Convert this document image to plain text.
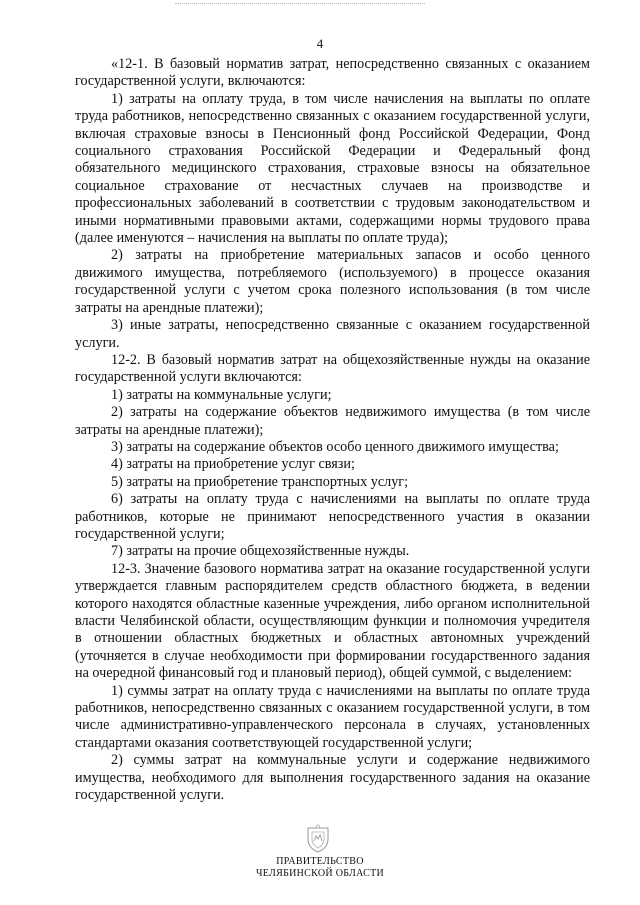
4

«12-1. В базовый норматив затрат, непосредственно связанных с оказанием государственной услуги, включаются:

1) затраты на оплату труда, в том числе начисления на выплаты по оплате труда работников, непосредственно связанных с оказанием государственной услуги, включая страховые взносы в Пенсионный фонд Российской Федерации, Фонд социального страхования Российской Федерации и Федеральный фонд обязательного медицинского страхования, страховые взносы на обязательное социальное страхование от несчастных случаев на производстве и профессиональных заболеваний в соответствии с трудовым законодательством и иными нормативными правовыми актами, содержащими нормы трудового права (далее именуются – начисления на выплаты по оплате труда);

2) затраты на приобретение материальных запасов и особо ценного движимого имущества, потребляемого (используемого) в процессе оказания государственной услуги с учетом срока полезного использования (в том числе затраты на арендные платежи);

3) иные затраты, непосредственно связанные с оказанием государственной услуги.

12-2. В базовый норматив затрат на общехозяйственные нужды на оказание государственной услуги включаются:

1) затраты на коммунальные услуги;

2) затраты на содержание объектов недвижимого имущества (в том числе затраты на арендные платежи);

3) затраты на содержание объектов особо ценного движимого имущества;

4) затраты на приобретение услуг связи;

5) затраты на приобретение транспортных услуг;

6) затраты на оплату труда с начислениями на выплаты по оплате труда работников, которые не принимают непосредственного участия в оказании государственной услуги;

7) затраты на прочие общехозяйственные нужды.

12-3. Значение базового норматива затрат на оказание государственной услуги утверждается главным распорядителем средств областного бюджета, в ведении которого находятся областные казенные учреждения, либо органом исполнительной власти Челябинской области, осуществляющим функции и полномочия учредителя в отношении областных бюджетных и областных автономных учреждений (уточняется в случае необходимости при формировании государственного задания на очередной финансовый год и плановый период), общей суммой, с выделением:

1) суммы затрат на оплату труда с начислениями на выплаты по оплате труда работников, непосредственно связанных с оказанием государственной услуги, в том числе административно-управленческого персонала в случаях, установленных стандартами оказания соответствующей государственной услуги;

2) суммы затрат на коммунальные услуги и содержание недвижимого имущества, необходимого для выполнения государственного задания на оказание государственной услуги.

ПРАВИТЕЛЬСТВО
ЧЕЛЯБИНСКОЙ ОБЛАСТИ
